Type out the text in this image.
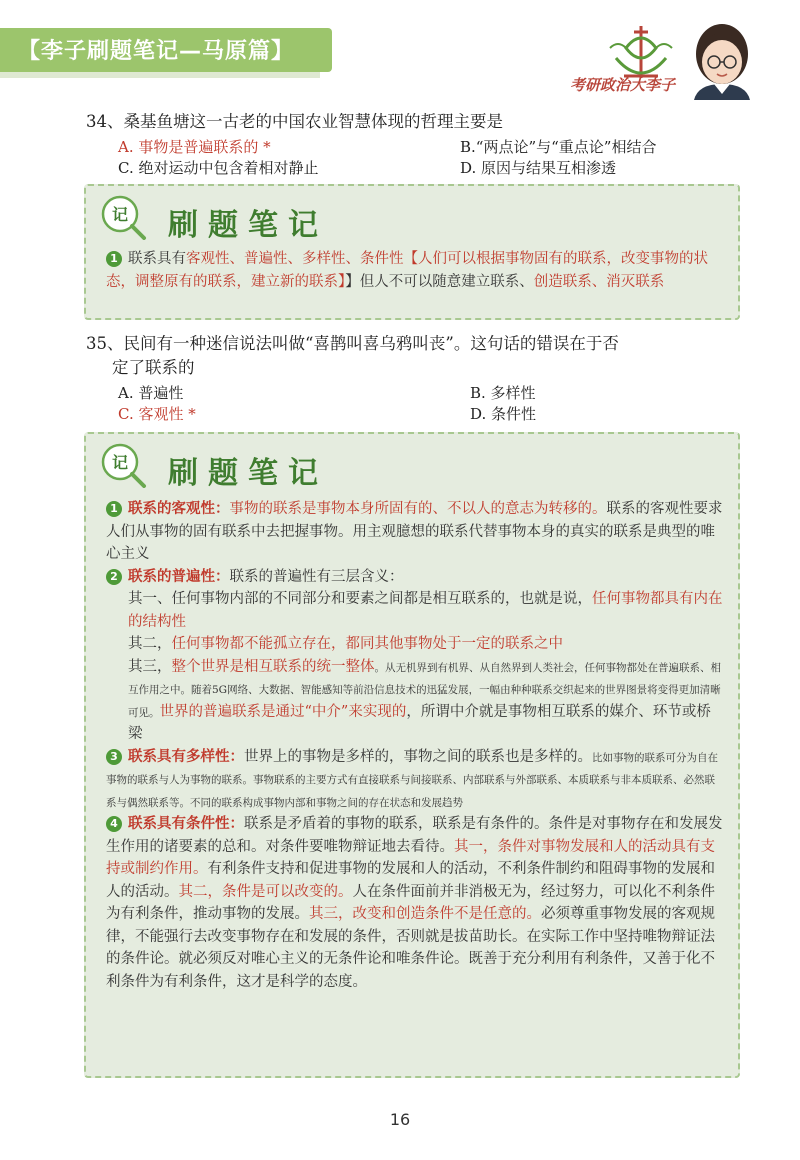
【李子刷题笔记—马原篇】
考研政治大李子
34、桑基鱼塘这一古老的中国农业智慧体现的哲理主要是
A. 事物是普遍联系的 *	B.“两点论”与“重点论”相结合
C. 绝对运动中包含着相对静止	D. 原因与结果互相渗透
记 刷题笔记

1 联系具有客观性、普遍性、多样性、条件性【人们可以根据事物固有的联系，改变事物的状态，调整原有的联系，建立新的联系】】但人不可以随意建立联系、创造联系、消灭联系

35、民间有一种迷信说法叫做“喜鹊叫喜乌鸦叫丧”。这句话的错误在于否
定了联系的
A. 普遍性	B. 多样性
C. 客观性 *	D. 条件性
记 刷题笔记

1 联系的客观性：事物的联系是事物本身所固有的、不以人的意志为转移的。联系的客观性要求人们从事物的固有联系中去把握事物。用主观臆想的联系代替事物本身的真实的联系是典型的唯心主义

2 联系的普遍性：联系的普遍性有三层含义：

其一、任何事物内部的不同部分和要素之间都是相互联系的，也就是说，任何事物都具有内在的结构性

其二，任何事物都不能孤立存在，都同其他事物处于一定的联系之中

其三，整个世界是相互联系的统一整体。从无机界到有机界、从自然界到人类社会，任何事物都处在普遍联系、相互作用之中。随着5G网络、大数据、智能感知等前沿信息技术的迅猛发展，一幅由种种联系交织起来的世界图景将变得更加清晰可见。世界的普遍联系是通过“中介”来实现的，所谓中介就是事物相互联系的媒介、环节或桥梁

3 联系具有多样性：世界上的事物是多样的，事物之间的联系也是多样的。比如事物的联系可分为自在事物的联系与人为事物的联系。事物联系的主要方式有直接联系与间接联系、内部联系与外部联系、本质联系与非本质联系、必然联系与偶然联系等。不同的联系构成事物内部和事物之间的存在状态和发展趋势

4 联系具有条件性：联系是矛盾着的事物的联系，联系是有条件的。条件是对事物存在和发展发生作用的诸要素的总和。对条件要唯物辩证地去看待。其一，条件对事物发展和人的活动具有支持或制约作用。有利条件支持和促进事物的发展和人的活动，不利条件制约和阻碍事物的发展和人的活动。其二，条件是可以改变的。人在条件面前并非消极无为，经过努力，可以化不利条件为有利条件，推动事物的发展。其三，改变和创造条件不是任意的。必须尊重事物发展的客观规律，不能强行去改变事物存在和发展的条件，否则就是拔苗助长。在实际工作中坚持唯物辩证法的条件论。就必须反对唯心主义的无条件论和唯条件论。既善于充分利用有利条件，又善于化不利条件为有利条件，这才是科学的态度。

16
